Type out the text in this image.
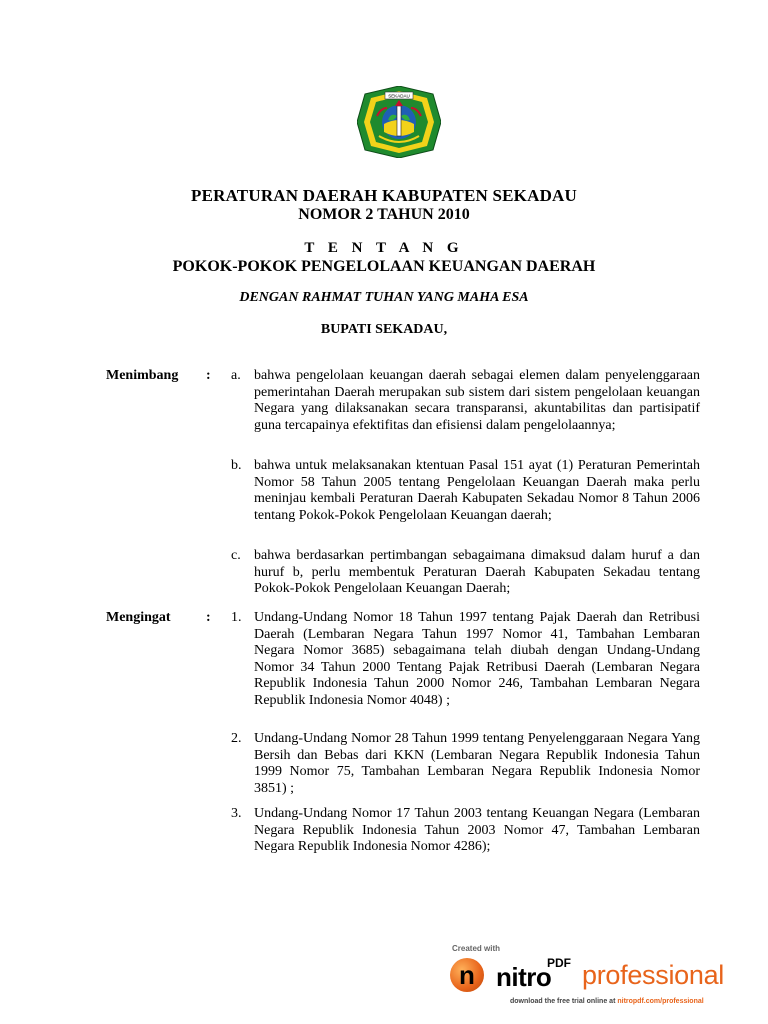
SEKADAU
PERATURAN DAERAH KABUPATEN SEKADAU
NOMOR 2 TAHUN 2010
T E N T A N G
POKOK-POKOK PENGELOLAAN KEUANGAN DAERAH
DENGAN RAHMAT TUHAN YANG MAHA ESA
BUPATI SEKADAU,
Menimbang : a. bahwa pengelolaan keuangan daerah sebagai elemen dalam penyelenggaraan pemerintahan Daerah merupakan sub sistem dari sistem pengelolaan keuangan Negara yang dilaksanakan secara transparansi, akuntabilitas dan partisipatif guna tercapainya efektifitas dan efisiensi dalam pengelolaannya;
b. bahwa untuk melaksanakan ktentuan Pasal 151 ayat (1) Peraturan Pemerintah Nomor 58 Tahun 2005 tentang Pengelolaan Keuangan Daerah maka perlu meninjau kembali Peraturan Daerah Kabupaten Sekadau Nomor 8 Tahun 2006 tentang Pokok-Pokok Pengelolaan Keuangan daerah;
c. bahwa berdasarkan pertimbangan sebagaimana dimaksud dalam huruf a dan huruf b, perlu membentuk Peraturan Daerah Kabupaten Sekadau tentang Pokok-Pokok Pengelolaan Keuangan Daerah;
Mengingat	: 1. Undang-Undang Nomor 18 Tahun 1997 tentang Pajak Daerah dan Retribusi Daerah (Lembaran Negara Tahun 1997 Nomor 41, Tambahan Lembaran Negara Nomor 3685) sebagaimana telah diubah dengan Undang-Undang Nomor 34 Tahun 2000 Tentang Pajak Retribusi Daerah (Lembaran Negara Republik Indonesia Tahun 2000 Nomor 246, Tambahan Lembaran Negara Republik Indonesia Nomor 4048) ;
2. Undang-Undang Nomor 28 Tahun 1999 tentang Penyelenggaraan Negara Yang Bersih dan Bebas dari KKN (Lembaran Negara Republik Indonesia Tahun 1999 Nomor 75, Tambahan Lembaran Negara Republik Indonesia Nomor 3851) ;
3. Undang-Undang Nomor 17 Tahun 2003 tentang Keuangan Negara (Lembaran Negara Republik Indonesia Tahun 2003 Nomor 47, Tambahan Lembaran Negara Republik Indonesia Nomor 4286);
Created with
n nitro
PDF professional
download the free trial online at nitropdf.com/professional
